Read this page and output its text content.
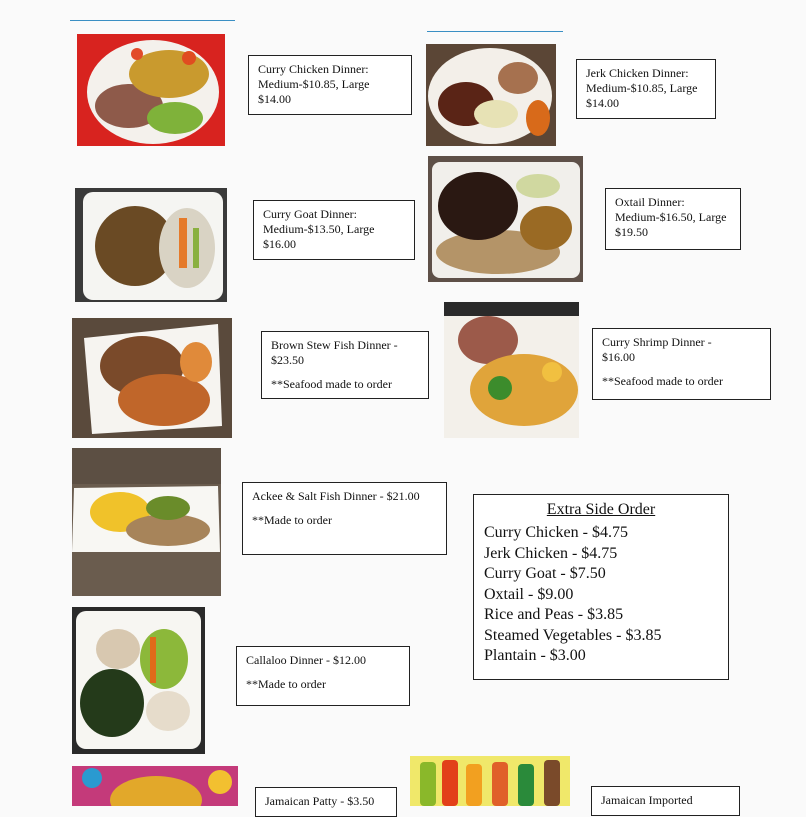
Curry Chicken Dinner:

Medium-$10.85, Large $14.00

Jerk Chicken Dinner:

Medium-$10.85, Large $14.00

Curry Goat Dinner:

Medium-$13.50, Large $16.00

Oxtail Dinner:

Medium-$16.50, Large $19.50

Brown Stew Fish Dinner -

$23.50

**Seafood made to order

Curry Shrimp Dinner -

$16.00

**Seafood made to order

Ackee & Salt Fish Dinner - $21.00

**Made to order

Extra Side Order
Curry Chicken - $4.75
Jerk Chicken - $4.75
Curry Goat - $7.50
Oxtail - $9.00
Rice and Peas - $3.85
Steamed Vegetables - $3.85
Plantain - $3.00

Callaloo Dinner - $12.00

**Made to order

Jamaican Patty - $3.50	Jamaican Imported
